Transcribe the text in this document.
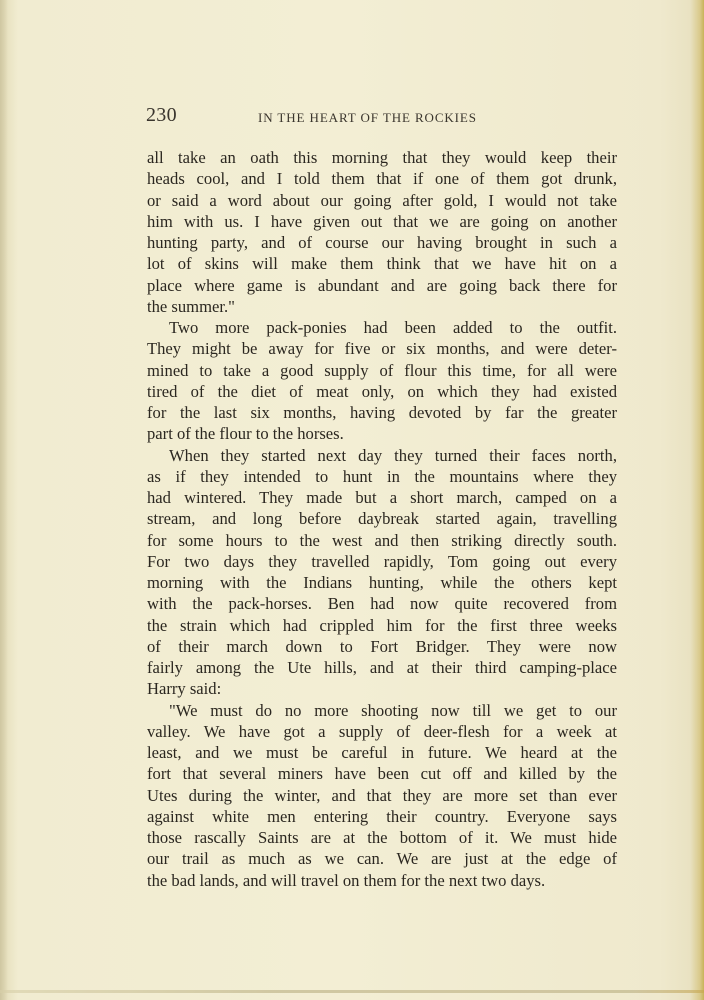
230	IN THE HEART OF THE ROCKIES
all take an oath this morning that they would keep their
heads cool, and I told them that if one of them got drunk,
or said a word about our going after gold, I would not take
him with us. I have given out that we are going on another
hunting party, and of course our having brought in such a
lot of skins will make them think that we have hit on a
place where game is abundant and are going back there for
the summer."
Two more pack-ponies had been added to the outfit.
They might be away for five or six months, and were deter-
mined to take a good supply of flour this time, for all were
tired of the diet of meat only, on which they had existed
for the last six months, having devoted by far the greater
part of the flour to the horses.
When they started next day they turned their faces north,
as if they intended to hunt in the mountains where they
had wintered. They made but a short march, camped on a
stream, and long before daybreak started again, travelling
for some hours to the west and then striking directly south.
For two days they travelled rapidly, Tom going out every
morning with the Indians hunting, while the others kept
with the pack-horses. Ben had now quite recovered from
the strain which had crippled him for the first three weeks
of their march down to Fort Bridger. They were now
fairly among the Ute hills, and at their third camping-place
Harry said:
"We must do no more shooting now till we get to our
valley. We have got a supply of deer-flesh for a week at
least, and we must be careful in future. We heard at the
fort that several miners have been cut off and killed by the
Utes during the winter, and that they are more set than ever
against white men entering their country. Everyone says
those rascally Saints are at the bottom of it. We must hide
our trail as much as we can. We are just at the edge of
the bad lands, and will travel on them for the next two days.
